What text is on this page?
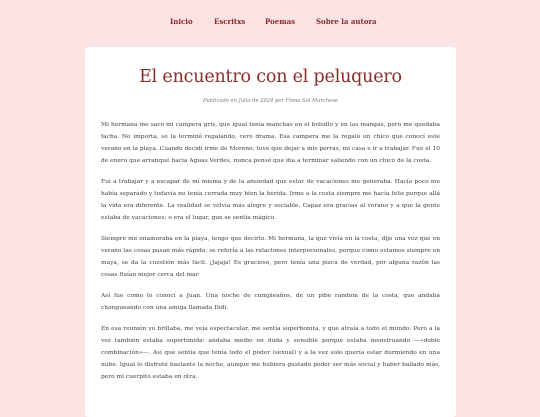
Inicio	Escritxs	Poemas	Sobre la autora
El encuentro con el peluquero

Publicado en Julio de 2024 por Fiona Sol Marchese

Mi hermana me sacó mi campera gris, que igual tenía manchas en el bolsillo y en las mangas, pero me quedaba facha. No importa, se la terminé regalando, cero drama. Esa campera me la regaló un chico que conocí este verano en la playa. Cuando decidí irme de Moreno, tuve que dejar a mis perras, mi casa e ir a trabajar. Fue el 10 de enero que arranqué hacia Aguas Verdes, nunca pensé que iba a terminar saliendo con un chico de la costa.

Fui a trabajar y a escapar de mí misma y de la ansiedad que estar de vacaciones me generaba. Hacía poco me había separado y todavía no tenía cerrada muy bien la herida. Irme a la costa siempre me hacía feliz porque allá la vida era diferente. La realidad se volvía más alegre y sociable. Capaz era gracias al verano y a que la gente estaba de vacaciones; o era el lugar, que se sentía mágico.

Siempre me enamoraba en la playa, tengo que decirlo. Mi hermana, la que vivía en la costa, dijo una vez que en verano las cosas pasan más rápido, se refería a las relaciones interpersonales, porque como estamos siempre en maya, se da la cuestión más fácil. ¡Jajaja! Es gracioso, pero tenía una pizca de verdad, por alguna razón las cosas fluían mejor cerca del mar.

Así fue como lo conocí a Juan. Una noche de cumpleaños, de un pibe random de la costa, que andaba chongueando con una amiga llamada Didi.

En esa reunión yo brillaba, me veía espectacular, me sentía superbonita, y que atraía a todo el mundo. Pero a la vez también estaba supertímida: andaba medio en duda y sensible porque estaba menstruando —«doble combinación»—. Así que sentía que tenía todo el poder (sexual) y a la vez solo quería estar durmiendo en una nube. Igual lo disfruté bastante la noche, aunque me hubiera gustado poder ser más social y haber bailado más, pero mi cuerpito estaba en otra.
